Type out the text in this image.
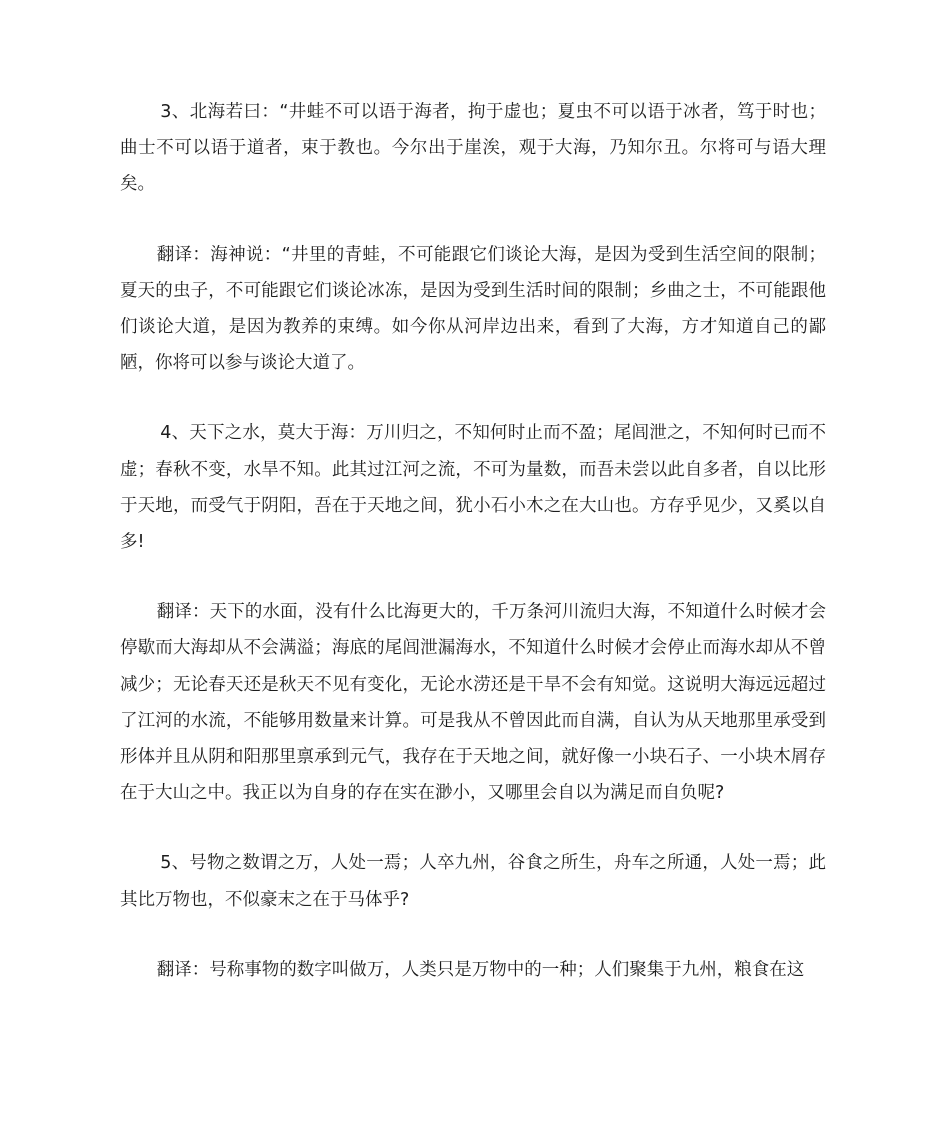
3、北海若曰：“井蛙不可以语于海者，拘于虚也；夏虫不可以语于冰者，笃于时也；曲士不可以语于道者，束于教也。今尔出于崖涘，观于大海，乃知尔丑。尔将可与语大理矣。

翻译：海神说：“井里的青蛙，不可能跟它们谈论大海，是因为受到生活空间的限制；夏天的虫子，不可能跟它们谈论冰冻，是因为受到生活时间的限制；乡曲之士，不可能跟他们谈论大道，是因为教养的束缚。如今你从河岸边出来，看到了大海，方才知道自己的鄙陋，你将可以参与谈论大道了。

4、天下之水，莫大于海：万川归之，不知何时止而不盈；尾闾泄之，不知何时已而不虚；春秋不变，水旱不知。此其过江河之流，不可为量数，而吾未尝以此自多者，自以比形于天地，而受气于阴阳，吾在于天地之间，犹小石小木之在大山也。方存乎见少，又奚以自多!

翻译：天下的水面，没有什么比海更大的，千万条河川流归大海，不知道什么时候才会停歇而大海却从不会满溢；海底的尾闾泄漏海水，不知道什么时候才会停止而海水却从不曾减少；无论春天还是秋天不见有变化，无论水涝还是干旱不会有知觉。这说明大海远远超过了江河的水流，不能够用数量来计算。可是我从不曾因此而自满，自认为从天地那里承受到形体并且从阴和阳那里禀承到元气，我存在于天地之间，就好像一小块石子、一小块木屑存在于大山之中。我正以为自身的存在实在渺小，又哪里会自以为满足而自负呢?

5、号物之数谓之万，人处一焉；人卒九州，谷食之所生，舟车之所通，人处一焉；此其比万物也，不似豪末之在于马体乎?

翻译：号称事物的数字叫做万，人类只是万物中的一种；人们聚集于九州，粮食在这
